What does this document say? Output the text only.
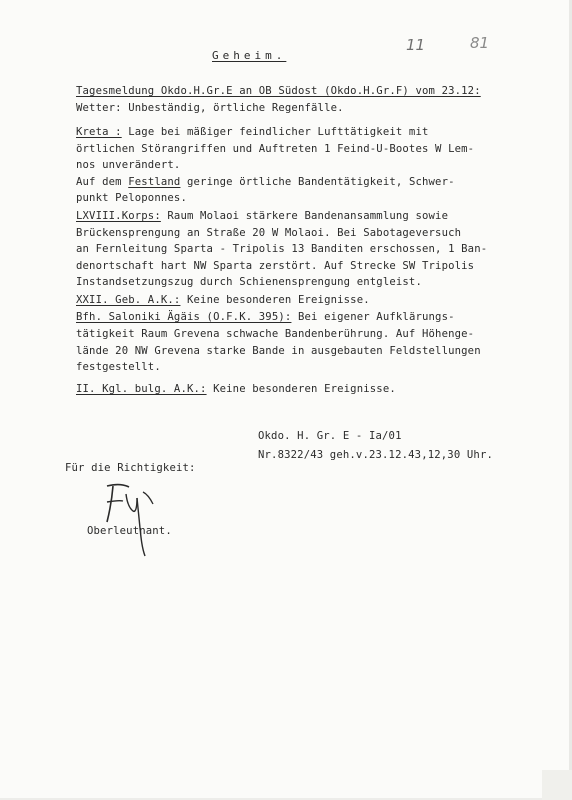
11	81
Geheim.
Tagesmeldung Okdo.H.Gr.E an OB Südost (Okdo.H.Gr.F) vom 23.12:
Wetter: Unbeständig, örtliche Regenfälle.
Kreta : Lage bei mäßiger feindlicher Lufttätigkeit mit
örtlichen Störangriffen und Auftreten 1 Feind-U-Bootes W Lem-
nos unverändert.
Auf dem Festland geringe örtliche Bandentätigkeit, Schwer-
punkt Peloponnes.
LXVIII.Korps: Raum Molaoi stärkere Bandenansammlung sowie
Brückensprengung an Straße 20 W Molaoi. Bei Sabotageversuch
an Fernleitung Sparta - Tripolis 13 Banditen erschossen, 1 Ban-
denortschaft hart NW Sparta zerstört. Auf Strecke SW Tripolis
Instandsetzungszug durch Schienensprengung entgleist.
XXII. Geb. A.K.: Keine besonderen Ereignisse.
Bfh. Saloniki Ägäis (O.F.K. 395): Bei eigener Aufklärungs-
tätigkeit Raum Grevena schwache Bandenberührung. Auf Höhenge-
lände 20 NW Grevena starke Bande in ausgebauten Feldstellungen
festgestellt.
II. Kgl. bulg. A.K.: Keine besonderen Ereignisse.
Okdo. H. Gr. E - Ia/01
Nr.8322/43 geh.v.23.12.43,12,30 Uhr.
Für die Richtigkeit:
Oberleutnant.
